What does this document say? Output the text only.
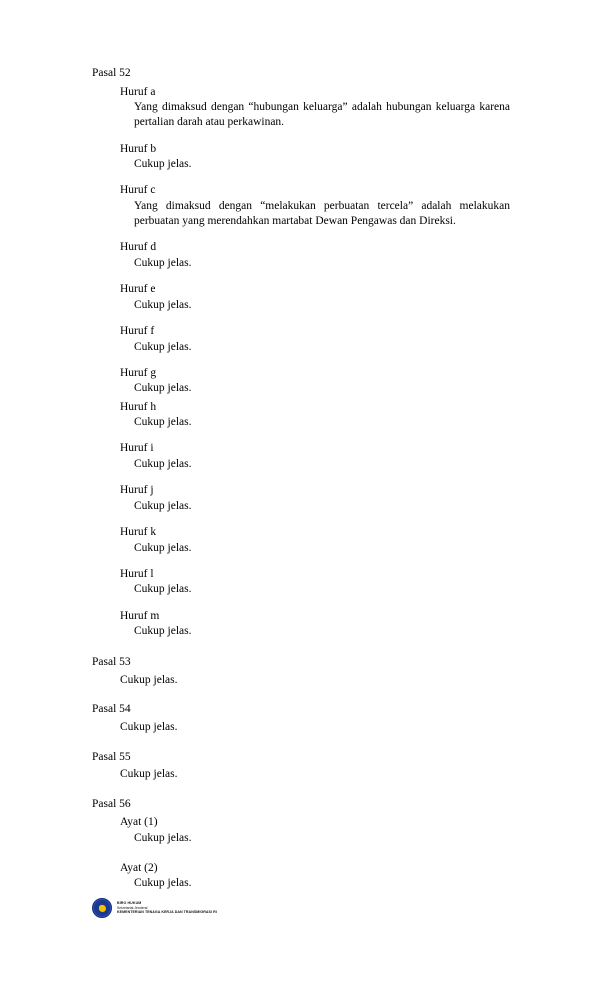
Pasal 52
Huruf a
Yang dimaksud dengan “hubungan keluarga” adalah hubungan keluarga karena pertalian darah atau perkawinan.
Huruf b
Cukup jelas.
Huruf c
Yang dimaksud dengan “melakukan perbuatan tercela” adalah melakukan perbuatan yang merendahkan martabat Dewan Pengawas dan Direksi.
Huruf d
Cukup jelas.
Huruf e
Cukup jelas.
Huruf f
Cukup jelas.
Huruf g
Cukup jelas.
Huruf h
Cukup jelas.
Huruf i
Cukup jelas.
Huruf j
Cukup jelas.
Huruf k
Cukup jelas.
Huruf l
Cukup jelas.
Huruf m
Cukup jelas.
Pasal 53
Cukup jelas.
Pasal 54
Cukup jelas.
Pasal 55
Cukup jelas.
Pasal 56
Ayat (1)
Cukup jelas.
Ayat (2)
Cukup jelas.
BIRO HUKUM
Sekretariat Jenderal
KEMENTERIAN TENAGA KERJA DAN TRANSMIGRASI RI
